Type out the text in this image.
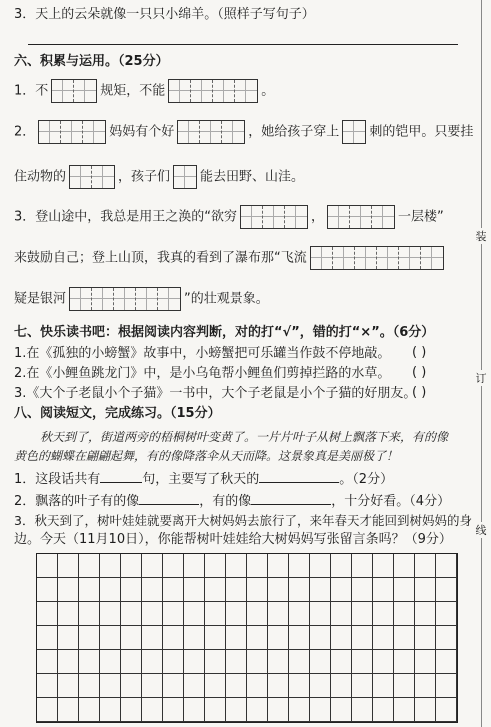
3．天上的云朵就像一只只小绵羊。（照样子写句子）
六、积累与运用。（25分）
1．不	规矩，不能	。
2．	妈妈有个好	，她给孩子穿上 刺的铠甲。只要挂
住动物的	，孩子们 能去田野、山洼。
3．登山途中，我总是用王之涣的“欲穷	，	一层楼”
来鼓励自己；登上山顶，我真的看到了瀑布那“飞流
疑是银河	”的壮观景象。
七、快乐读书吧：根据阅读内容判断，对的打“√”，错的打“×”。（6分）
1.在《孤独的小螃蟹》故事中，小螃蟹把可乐罐当作鼓不停地敲。 ( )
2.在《小鲤鱼跳龙门》中，是小乌龟帮小鲤鱼们剪掉拦路的水草。 ( )
3.《大个子老鼠小个子猫》一书中，大个子老鼠是小个子猫的好朋友。
( )
八、阅读短文，完成练习。（15分）
秋天到了，街道两旁的梧桐树叶变黄了。一片片叶子从树上飘落下来，有的像
黄色的蝴蝶在翩翩起舞，有的像降落伞从天而降。这景象真是美丽极了！
1．这段话共有	句，主要写了秋天的	。（2分）
2．飘落的叶子有的像	，有的像	，十分好看。（4分）
3．秋天到了，树叶娃娃就要离开大树妈妈去旅行了，来年春天才能回到树妈妈的身
边。今天（11月10日），你能帮树叶娃娃给大树妈妈写张留言条吗？（9分）
装
订
线
